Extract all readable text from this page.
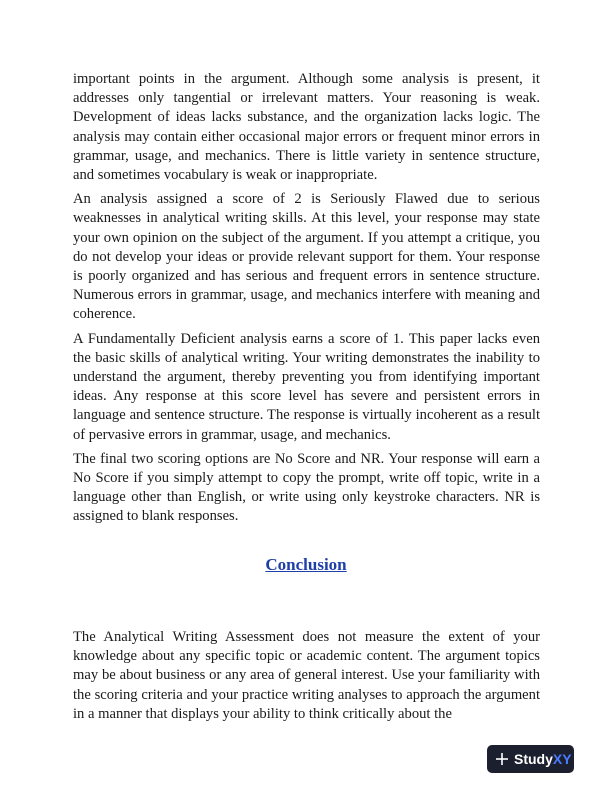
important points in the argument. Although some analysis is present, it addresses only tangential or irrelevant matters. Your reasoning is weak. Development of ideas lacks substance, and the organization lacks logic. The analysis may contain either occasional major errors or frequent minor errors in grammar, usage, and mechanics. There is little variety in sentence structure, and sometimes vocabulary is weak or inappropriate.

An analysis assigned a score of 2 is Seriously Flawed due to serious weaknesses in analytical writing skills. At this level, your response may state your own opinion on the subject of the argument. If you attempt a critique, you do not develop your ideas or provide relevant support for them. Your response is poorly organized and has serious and frequent errors in sentence structure. Numerous errors in grammar, usage, and mechanics interfere with meaning and coherence.

A Fundamentally Deficient analysis earns a score of 1. This paper lacks even the basic skills of analytical writing. Your writing demonstrates the inability to understand the argument, thereby preventing you from identifying important ideas. Any response at this score level has severe and persistent errors in language and sentence structure. The response is virtually incoherent as a result of pervasive errors in grammar, usage, and mechanics.

The final two scoring options are No Score and NR. Your response will earn a No Score if you simply attempt to copy the prompt, write off topic, write in a language other than English, or write using only keystroke characters. NR is assigned to blank responses.

Conclusion

The Analytical Writing Assessment does not measure the extent of your knowledge about any specific topic or academic content. The argument topics may be about business or any area of general interest. Use your familiarity with the scoring criteria and your practice writing analyses to approach the argument in a manner that displays your ability to think critically about the

Study XY
